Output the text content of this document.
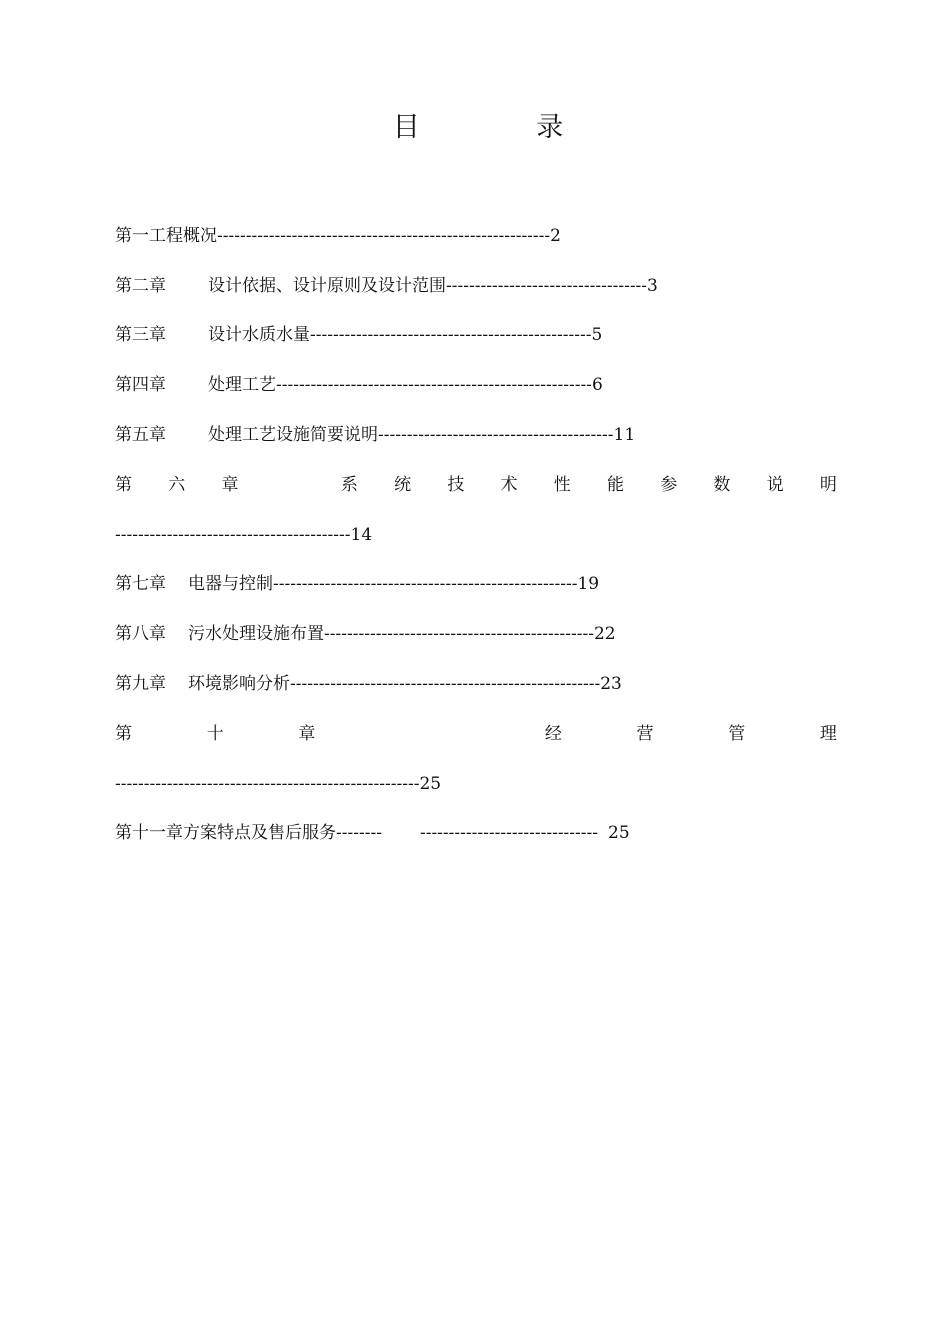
目 录
第一工程概况----------------------------------------------------------2
第二章 设计依据、设计原则及设计范围-----------------------------------3
第三章 设计水质水量-------------------------------------------------5
第四章 处理工艺-------------------------------------------------------6
第五章 处理工艺设施简要说明-----------------------------------------11
第 六 章	系 统 技 术 性 能 参 数 说 明
-----------------------------------------14
第七章 电器与控制-----------------------------------------------------19
第八章 污水处理设施布置-----------------------------------------------22
第九章 环境影响分析------------------------------------------------------23
第	十	章	经	营	管	理
-----------------------------------------------------25
第十一章方案特点及售后服务-------- ------------------------------- 25
